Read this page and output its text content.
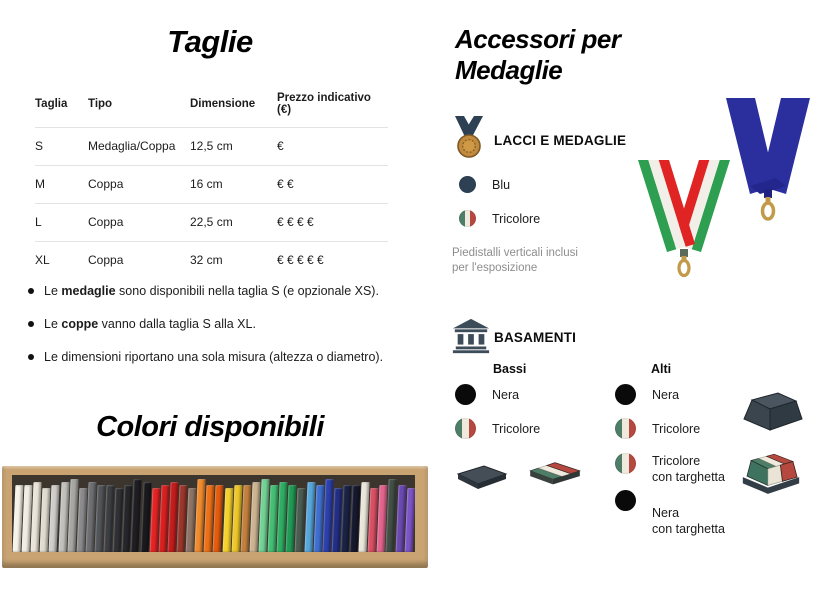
Taglie
Taglia	Tipo	Dimensione	Prezzo indicativo (€)
S	Medaglia/Coppa	12,5 cm	€
M	Coppa	16 cm	€ €
L	Coppa	22,5 cm	€ € € €
XL	Coppa	32 cm	€ € € € €
Le medaglie sono disponibili nella taglia S (e opzionale XS).
Le coppe vanno dalla taglia S alla XL.
Le dimensioni riportano una sola misura (altezza o diametro).
Colori disponibili
Accessori per
Medaglie
LACCI E MEDAGLIE
Blu
Tricolore
Piedistalli verticali inclusi
per l'esposizione
BASAMENTI
Bassi	Alti
Nera
Tricolore
Nera
Tricolore
Tricolore
con targhetta
Nera
con targhetta
